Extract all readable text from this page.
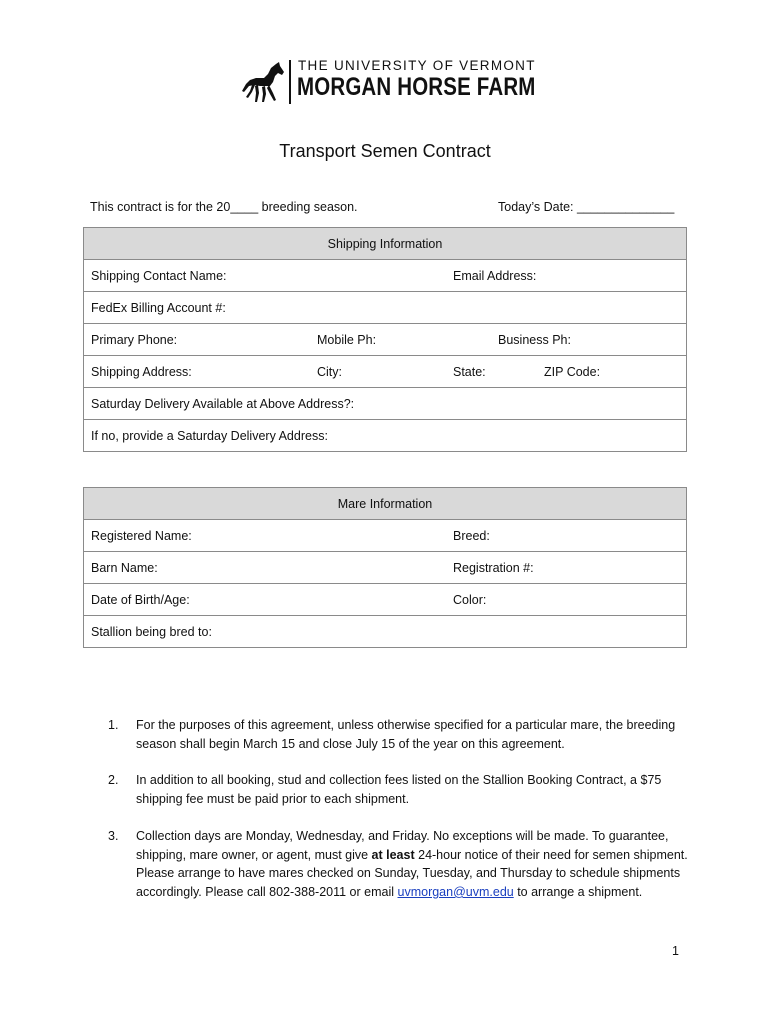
THE UNIVERSITY OF VERMONT
MORGAN HORSE FARM
Transport Semen Contract
This contract is for the 20____ breeding season.	Today’s Date: ______________
Shipping Information

Shipping Contact Name:	Email Address:

FedEx Billing Account #:

Primary Phone:	Mobile Ph:	Business Ph:

Shipping Address:	City:	State:	ZIP Code:

Saturday Delivery Available at Above Address?:

If no, provide a Saturday Delivery Address:
Mare Information

Registered Name:	Breed:

Barn Name:	Registration #:

Date of Birth/Age:	Color:

Stallion being bred to:
1. For the purposes of this agreement, unless otherwise specified for a particular mare, the breeding season shall begin March 15 and close July 15 of the year on this agreement.
2. In addition to all booking, stud and collection fees listed on the Stallion Booking Contract, a $75 shipping fee must be paid prior to each shipment.
3. Collection days are Monday, Wednesday, and Friday. No exceptions will be made. To guarantee, shipping, mare owner, or agent, must give at least 24-hour notice of their need for semen shipment. Please arrange to have mares checked on Sunday, Tuesday, and Thursday to schedule shipments accordingly. Please call 802-388-2011 or email uvmorgan@uvm.edu to arrange a shipment.
1
